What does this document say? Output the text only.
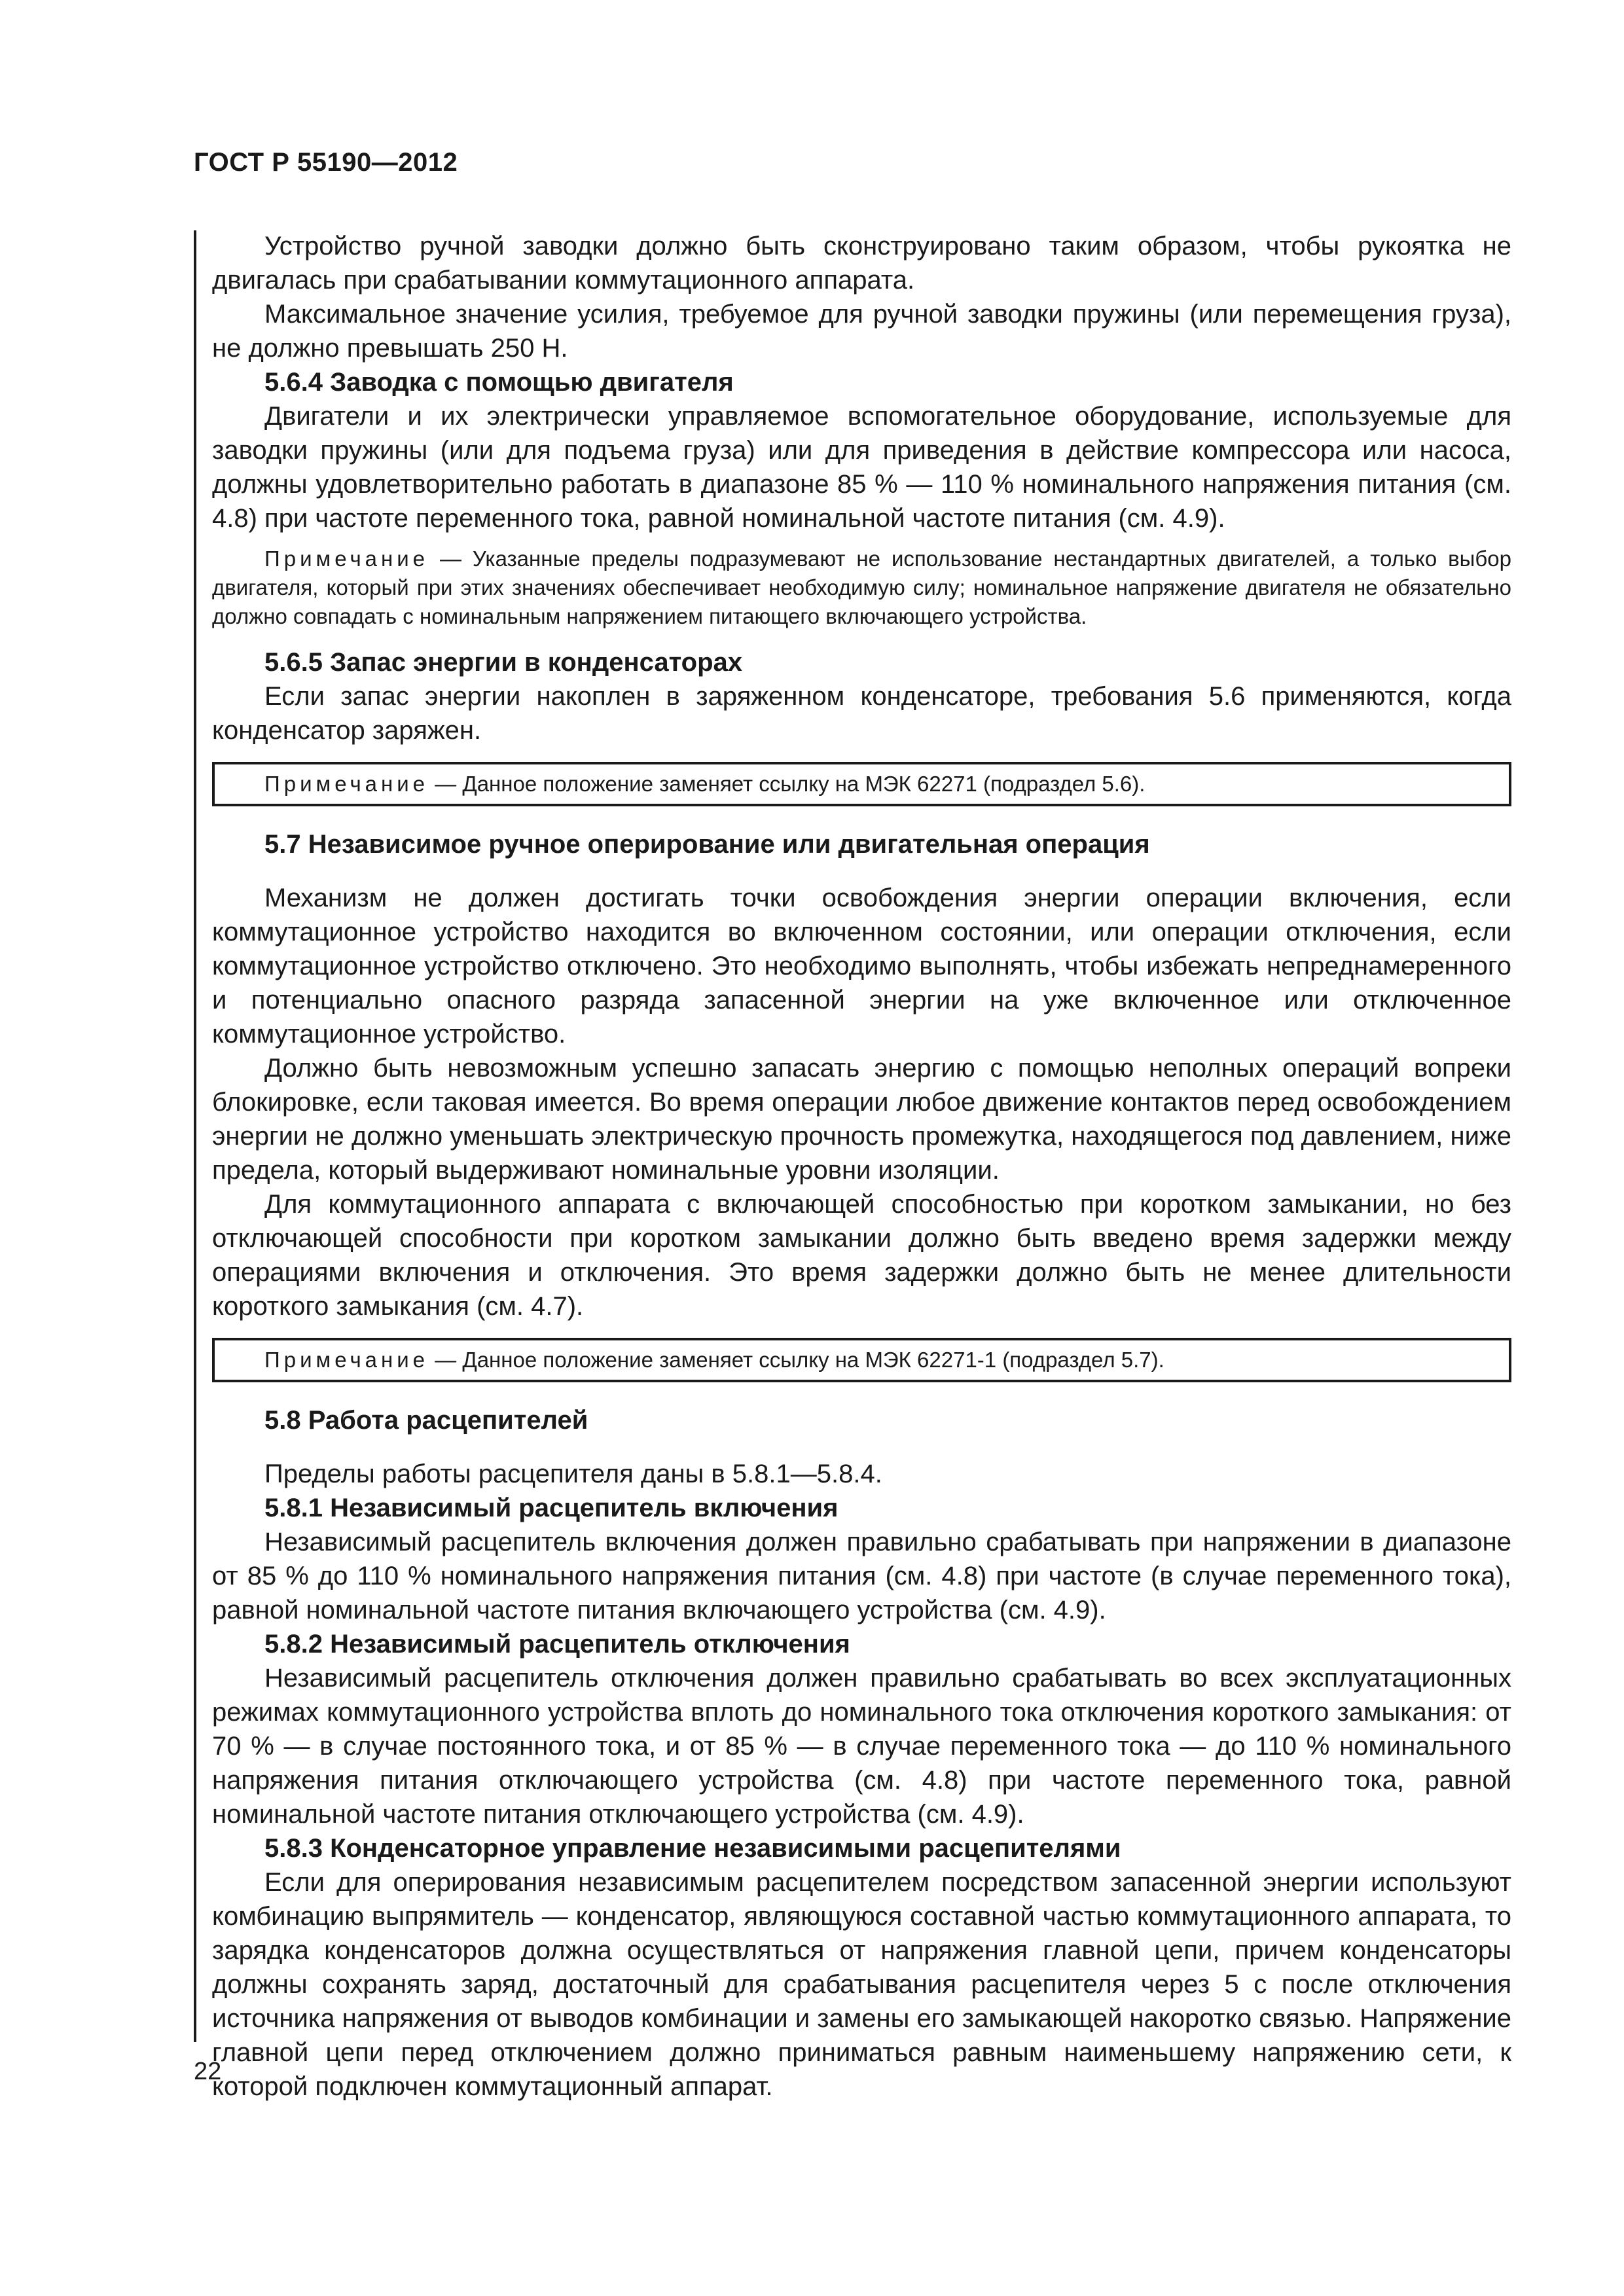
ГОСТ Р 55190—2012

Устройство ручной заводки должно быть сконструировано таким образом, чтобы рукоятка не двигалась при срабатывании коммутационного аппарата.

Максимальное значение усилия, требуемое для ручной заводки пружины (или перемещения груза), не должно превышать 250 Н.

5.6.4 Заводка с помощью двигателя

Двигатели и их электрически управляемое вспомогательное оборудование, используемые для заводки пружины (или для подъема груза) или для приведения в действие компрессора или насоса, должны удовлетворительно работать в диапазоне 85 % — 110 % номинального напряжения питания (см. 4.8) при частоте переменного тока, равной номинальной частоте питания (см. 4.9).

Примечание — Указанные пределы подразумевают не использование нестандартных двигателей, а только выбор двигателя, который при этих значениях обеспечивает необходимую силу; номинальное напряжение двигателя не обязательно должно совпадать с номинальным напряжением питающего включающего устройства.
5.6.5 Запас энергии в конденсаторах

Если запас энергии накоплен в заряженном конденсаторе, требования 5.6 применяются, когда конденсатор заряжен.

Примечание — Данное положение заменяет ссылку на МЭК 62271 (подраздел 5.6).
5.7 Независимое ручное оперирование или двигательная операция

Механизм не должен достигать точки освобождения энергии операции включения, если коммутационное устройство находится во включенном состоянии, или операции отключения, если коммутационное устройство отключено. Это необходимо выполнять, чтобы избежать непреднамеренного и потенциально опасного разряда запасенной энергии на уже включенное или отключенное коммутационное устройство.

Должно быть невозможным успешно запасать энергию с помощью неполных операций вопреки блокировке, если таковая имеется. Во время операции любое движение контактов перед освобождением энергии не должно уменьшать электрическую прочность промежутка, находящегося под давлением, ниже предела, который выдерживают номинальные уровни изоляции.

Для коммутационного аппарата с включающей способностью при коротком замыкании, но без отключающей способности при коротком замыкании должно быть введено время задержки между операциями включения и отключения. Это время задержки должно быть не менее длительности короткого замыкания (см. 4.7).

Примечание — Данное положение заменяет ссылку на МЭК 62271-1 (подраздел 5.7).
5.8 Работа расцепителей

Пределы работы расцепителя даны в 5.8.1—5.8.4.

5.8.1 Независимый расцепитель включения

Независимый расцепитель включения должен правильно срабатывать при напряжении в диапазоне от 85 % до 110 % номинального напряжения питания (см. 4.8) при частоте (в случае переменного тока), равной номинальной частоте питания включающего устройства (см. 4.9).

5.8.2 Независимый расцепитель отключения

Независимый расцепитель отключения должен правильно срабатывать во всех эксплуатационных режимах коммутационного устройства вплоть до номинального тока отключения короткого замыкания: от 70 % — в случае постоянного тока, и от 85 % — в случае переменного тока — до 110 % номинального напряжения питания отключающего устройства (см. 4.8) при частоте переменного тока, равной номинальной частоте питания отключающего устройства (см. 4.9).

5.8.3 Конденсаторное управление независимыми расцепителями

Если для оперирования независимым расцепителем посредством запасенной энергии используют комбинацию выпрямитель — конденсатор, являющуюся составной частью коммутационного аппарата, то зарядка конденсаторов должна осуществляться от напряжения главной цепи, причем конденсаторы должны сохранять заряд, достаточный для срабатывания расцепителя через 5 с после отключения источника напряжения от выводов комбинации и замены его замыкающей накоротко связью. Напряжение главной цепи перед отключением должно приниматься равным наименьшему напряжению сети, к которой подключен коммутационный аппарат.

22
